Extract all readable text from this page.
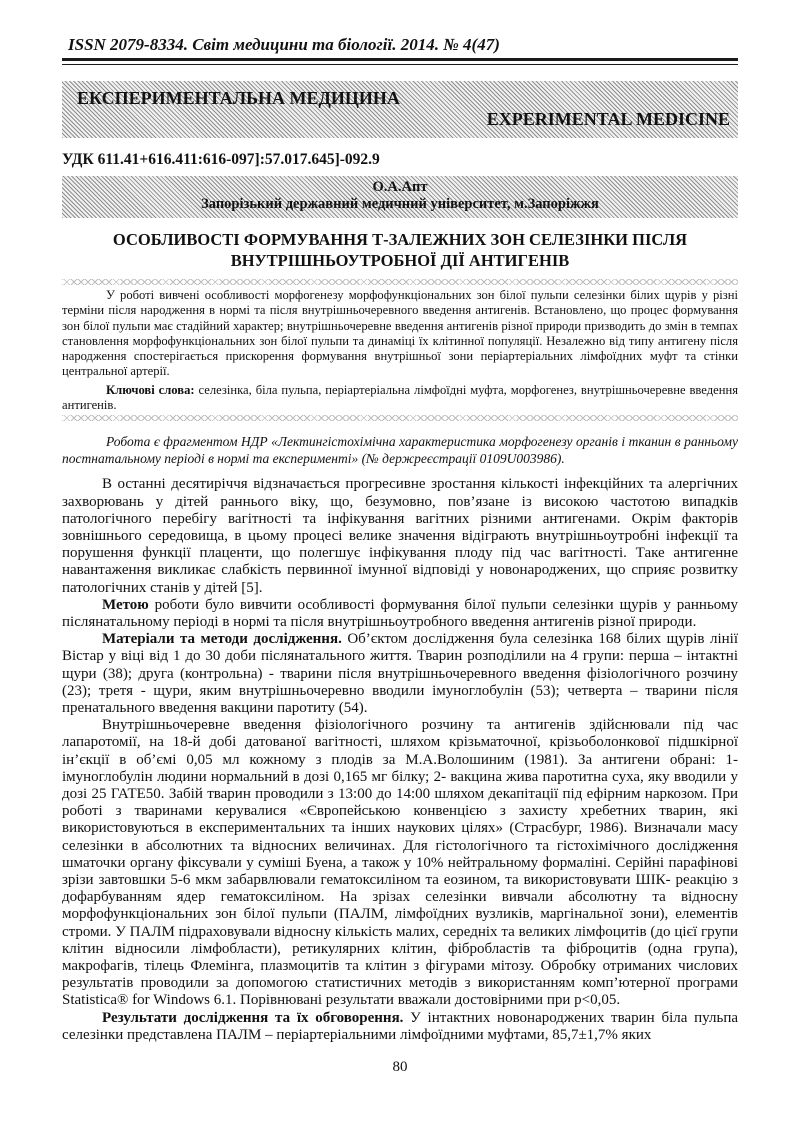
ISSN 2079-8334. Світ медицини та біології. 2014. № 4(47)
ЕКСПЕРИМЕНТАЛЬНА МЕДИЦИНА
EXPERIMENTAL MEDICINE
УДК 611.41+616.411:616-097]:57.017.645]-092.9
О.А.Апт
Запорізький державний медичний університет, м.Запоріжжя
ОСОБЛИВОСТІ ФОРМУВАННЯ Т-ЗАЛЕЖНИХ ЗОН СЕЛЕЗІНКИ ПІСЛЯ ВНУТРІШНЬОУТРОБНОЇ ДІЇ АНТИГЕНІВ

У роботі вивчені особливості морфогенезу морфофункціональних зон білої пульпи селезінки білих щурів у різні терміни після народження в нормі та після внутрішньочеревного введення антигенів. Встановлено, що процес формування зон білої пульпи має стадійний характер; внутрішньочеревне введення антигенів різної природи призводить до змін в темпах становлення морфофункціональних зон білої пульпи та динаміці їх клітинної популяції. Незалежно від типу антигену після народження спостерігається прискорення формування внутрішньої зони періартеріальних лімфоїдних муфт та стінки центральної артерії.

Ключові слова: селезінка, біла пульпа, періартеріальна лімфоїдні муфта, морфогенез, внутрішньочеревне введення антигенів.

Робота є фрагментом НДР «Лектингістохімічна характеристика морфогенезу органів і тканин в ранньому постнатальному періоді в нормі та експерименті» (№ держреєстрації 0109U003986).

В останні десятиріччя відзначається прогресивне зростання кількості інфекційних та алергічних захворювань у дітей раннього віку, що, безумовно, пов’язане із високою частотою випадків патологічного перебігу вагітності та інфікування вагітних різними антигенами. Окрім факторів зовнішнього середовища, в цьому процесі велике значення відіграють внутрішньоутробні інфекції та порушення функції плаценти, що полегшує інфікування плоду під час вагітності. Таке антигенне навантаження викликає слабкість первинної імунної відповіді у новонароджених, що сприяє розвитку патологічних станів у дітей [5].

Метою роботи було вивчити особливості формування білої пульпи селезінки щурів у ранньому післянатальному періоді в нормі та після внутрішньоутробного введення антигенів різної природи.

Матеріали та методи дослідження. Об’єктом дослідження була селезінка 168 білих щурів лінії Вістар у віці від 1 до 30 доби післянатального життя. Тварин розподілили на 4 групи: перша – інтактні щури (38); друга (контрольна) - тварини після внутрішньочеревного введення фізіологічного розчину (23); третя - щури, яким внутрішньочеревно вводили імуноглобулін (53); четверта – тварини після пренатального введення вакцини паротиту (54).

Внутрішньочеревне введення фізіологічного розчину та антигенів здійснювали під час лапаротомії, на 18-й добі датованої вагітності, шляхом крізьматочної, крізьоболонкової підшкірної ін’єкції в об’ємі 0,05 мл кожному з плодів за М.А.Волошиним (1981). За антигени обрані: 1- імуноглобулін людини нормальний в дозі 0,165 мг білку; 2- вакцина жива паротитна суха, яку вводили у дозі 25 ГАТЕ50. Забій тварин проводили з 13:00 до 14:00 шляхом декапітації під ефірним наркозом. При роботі з тваринами керувалися «Європейською конвенцією з захисту хребетних тварин, які використовуються в експериментальних та інших наукових цілях» (Страсбург, 1986). Визначали масу селезінки в абсолютних та відносних величинах. Для гістологічного та гістохімічного дослідження шматочки органу фіксували у суміші Буена, а також у 10% нейтральному формаліні. Серійні парафінові зрізи завтовшки 5-6 мкм забарвлювали гематоксиліном та еозином, та використовувати ШІК- реакцію з дофарбуванням ядер гематоксиліном. На зрізах селезінки вивчали абсолютну та відносну морфофункціональних зон білої пульпи (ПАЛМ, лімфоїдних вузликів, маргінальної зони), елементів строми. У ПАЛМ підраховували відносну кількість малих, середніх та великих лімфоцитів (до цієї групи клітин відносили лімфобласти), ретикулярних клітин, фібробластів та фіброцитів (одна група), макрофагів, тілець Флемінга, плазмоцитів та клітин з фігурами мітозу. Обробку отриманих числових результатів проводили за допомогою статистичних методів з використанням комп’ютерної програми Statistica® for Windows 6.1. Порівнювані результати вважали достовірними при р<0,05.

Результати дослідження та їх обговорення. У інтактних новонароджених тварин біла пульпа селезінки представлена ПАЛМ – періартеріальними лімфоїдними муфтами, 85,7±1,7% яких

80
